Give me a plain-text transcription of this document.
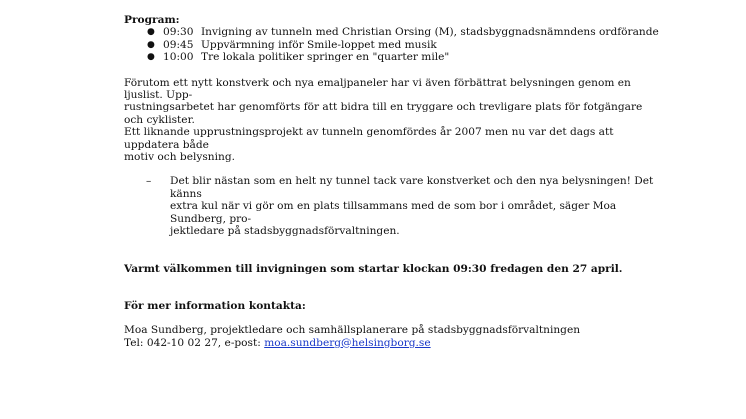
Program:
● 09:30 Invigning av tunneln med Christian Orsing (M), stadsbyggnadsnämndens ordförande
● 09:45 Uppvärmning inför Smile-loppet med musik
● 10:00 Tre lokala politiker springer en "quarter mile"

Förutom ett nytt konstverk och nya emaljpaneler har vi även förbättrat belysningen genom en ljuslist. Upp-
rustningsarbetet har genomförts för att bidra till en tryggare och trevligare plats för fotgängare och cyklister.
Ett liknande upprustningsprojekt av tunneln genomfördes år 2007 men nu var det dags att uppdatera både
motiv och belysning.

– Det blir nästan som en helt ny tunnel tack vare konstverket och den nya belysningen! Det känns
extra kul när vi gör om en plats tillsammans med de som bor i området, säger Moa Sundberg, pro-
jektledare på stadsbyggnadsförvaltningen.

Varmt välkommen till invigningen som startar klockan 09:30 fredagen den 27 april.

För mer information kontakta:

Moa Sundberg, projektledare och samhällsplanerare på stadsbyggnadsförvaltningen

Tel: 042-10 02 27, e-post: moa.sundberg@helsingborg.se
